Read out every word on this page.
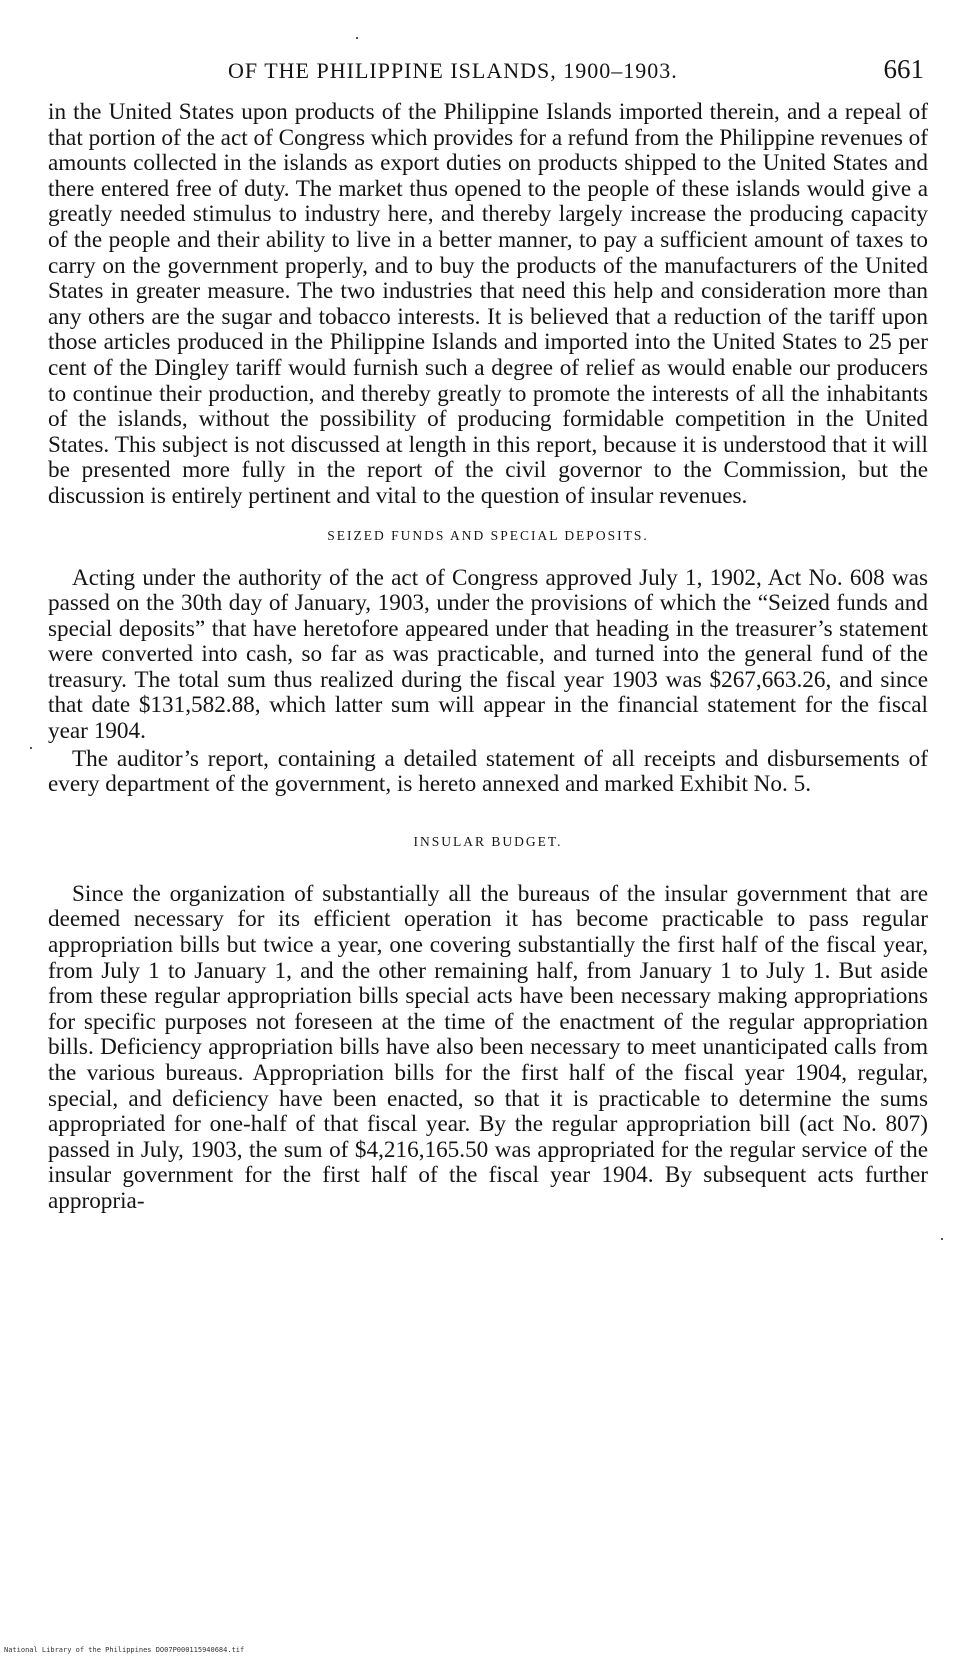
OF THE PHILIPPINE ISLANDS, 1900–1903.	661

in the United States upon products of the Philippine Islands imported therein, and a repeal of that portion of the act of Congress which provides for a refund from the Philippine revenues of amounts collected in the islands as export duties on products shipped to the United States and there entered free of duty. The market thus opened to the people of these islands would give a greatly needed stimulus to industry here, and thereby largely increase the producing capacity of the people and their ability to live in a better manner, to pay a sufficient amount of taxes to carry on the government properly, and to buy the products of the manufacturers of the United States in greater measure. The two industries that need this help and consideration more than any others are the sugar and tobacco interests. It is believed that a reduction of the tariff upon those articles produced in the Philippine Islands and imported into the United States to 25 per cent of the Dingley tariff would furnish such a degree of relief as would enable our producers to continue their production, and thereby greatly to promote the interests of all the inhabitants of the islands, without the possibility of producing formidable competition in the United States. This subject is not discussed at length in this report, because it is understood that it will be presented more fully in the report of the civil governor to the Commission, but the discussion is entirely pertinent and vital to the question of insular revenues.

SEIZED FUNDS AND SPECIAL DEPOSITS.

Acting under the authority of the act of Congress approved July 1, 1902, Act No. 608 was passed on the 30th day of January, 1903, under the provisions of which the “Seized funds and special deposits” that have heretofore appeared under that heading in the treasurer’s statement were converted into cash, so far as was practicable, and turned into the general fund of the treasury. The total sum thus realized during the fiscal year 1903 was $267,663.26, and since that date $131,582.88, which latter sum will appear in the financial statement for the fiscal year 1904.

The auditor’s report, containing a detailed statement of all receipts and disbursements of every department of the government, is hereto annexed and marked Exhibit No. 5.

INSULAR BUDGET.

Since the organization of substantially all the bureaus of the insular government that are deemed necessary for its efficient operation it has become practicable to pass regular appropriation bills but twice a year, one covering substantially the first half of the fiscal year, from July 1 to January 1, and the other remaining half, from January 1 to July 1. But aside from these regular appropriation bills special acts have been necessary making appropriations for specific purposes not foreseen at the time of the enactment of the regular appropriation bills. Deficiency appropriation bills have also been necessary to meet unanticipated calls from the various bureaus. Appropriation bills for the first half of the fiscal year 1904, regular, special, and deficiency have been enacted, so that it is practicable to determine the sums appropriated for one-half of that fiscal year. By the regular appropriation bill (act No. 807) passed in July, 1903, the sum of $4,216,165.50 was appropriated for the regular service of the insular government for the first half of the fiscal year 1904. By subsequent acts further appropria-

National Library of the Philippines DO07P000115940684.tif
